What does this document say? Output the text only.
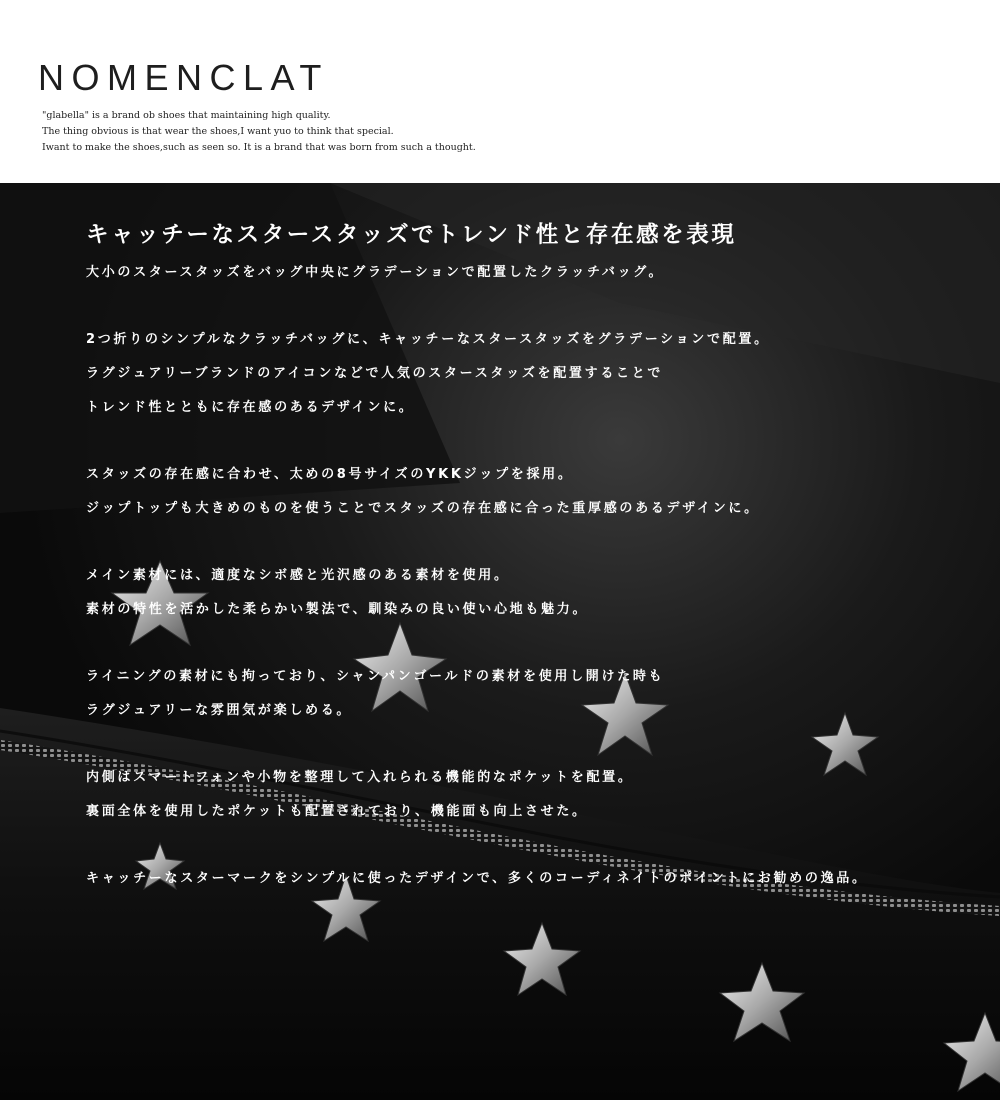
NOMENCLAT
"glabella" is a brand ob shoes that maintaining high quality.
The thing obvious is that wear the shoes,I want yuo to think that special.
Iwant to make the shoes,such as seen so. It is a brand that was born from such a thought.
キャッチーなスタースタッズでトレンド性と存在感を表現
大小のスタースタッズをバッグ中央にグラデーションで配置したクラッチバッグ。
2つ折りのシンプルなクラッチバッグに、キャッチーなスタースタッズをグラデーションで配置。
ラグジュアリーブランドのアイコンなどで人気のスタースタッズを配置することで
トレンド性とともに存在感のあるデザインに。
スタッズの存在感に合わせ、太めの8号サイズのYKKジップを採用。
ジップトップも大きめのものを使うことでスタッズの存在感に合った重厚感のあるデザインに。
メイン素材には、適度なシボ感と光沢感のある素材を使用。
素材の特性を活かした柔らかい製法で、馴染みの良い使い心地も魅力。
ライニングの素材にも拘っており、シャンパンゴールドの素材を使用し開けた時も
ラグジュアリーな雰囲気が楽しめる。
内側はスマートフォンや小物を整理して入れられる機能的なポケットを配置。
裏面全体を使用したポケットも配置されており、機能面も向上させた。
キャッチーなスターマークをシンプルに使ったデザインで、多くのコーディネイトのポイントにお勧めの逸品。
